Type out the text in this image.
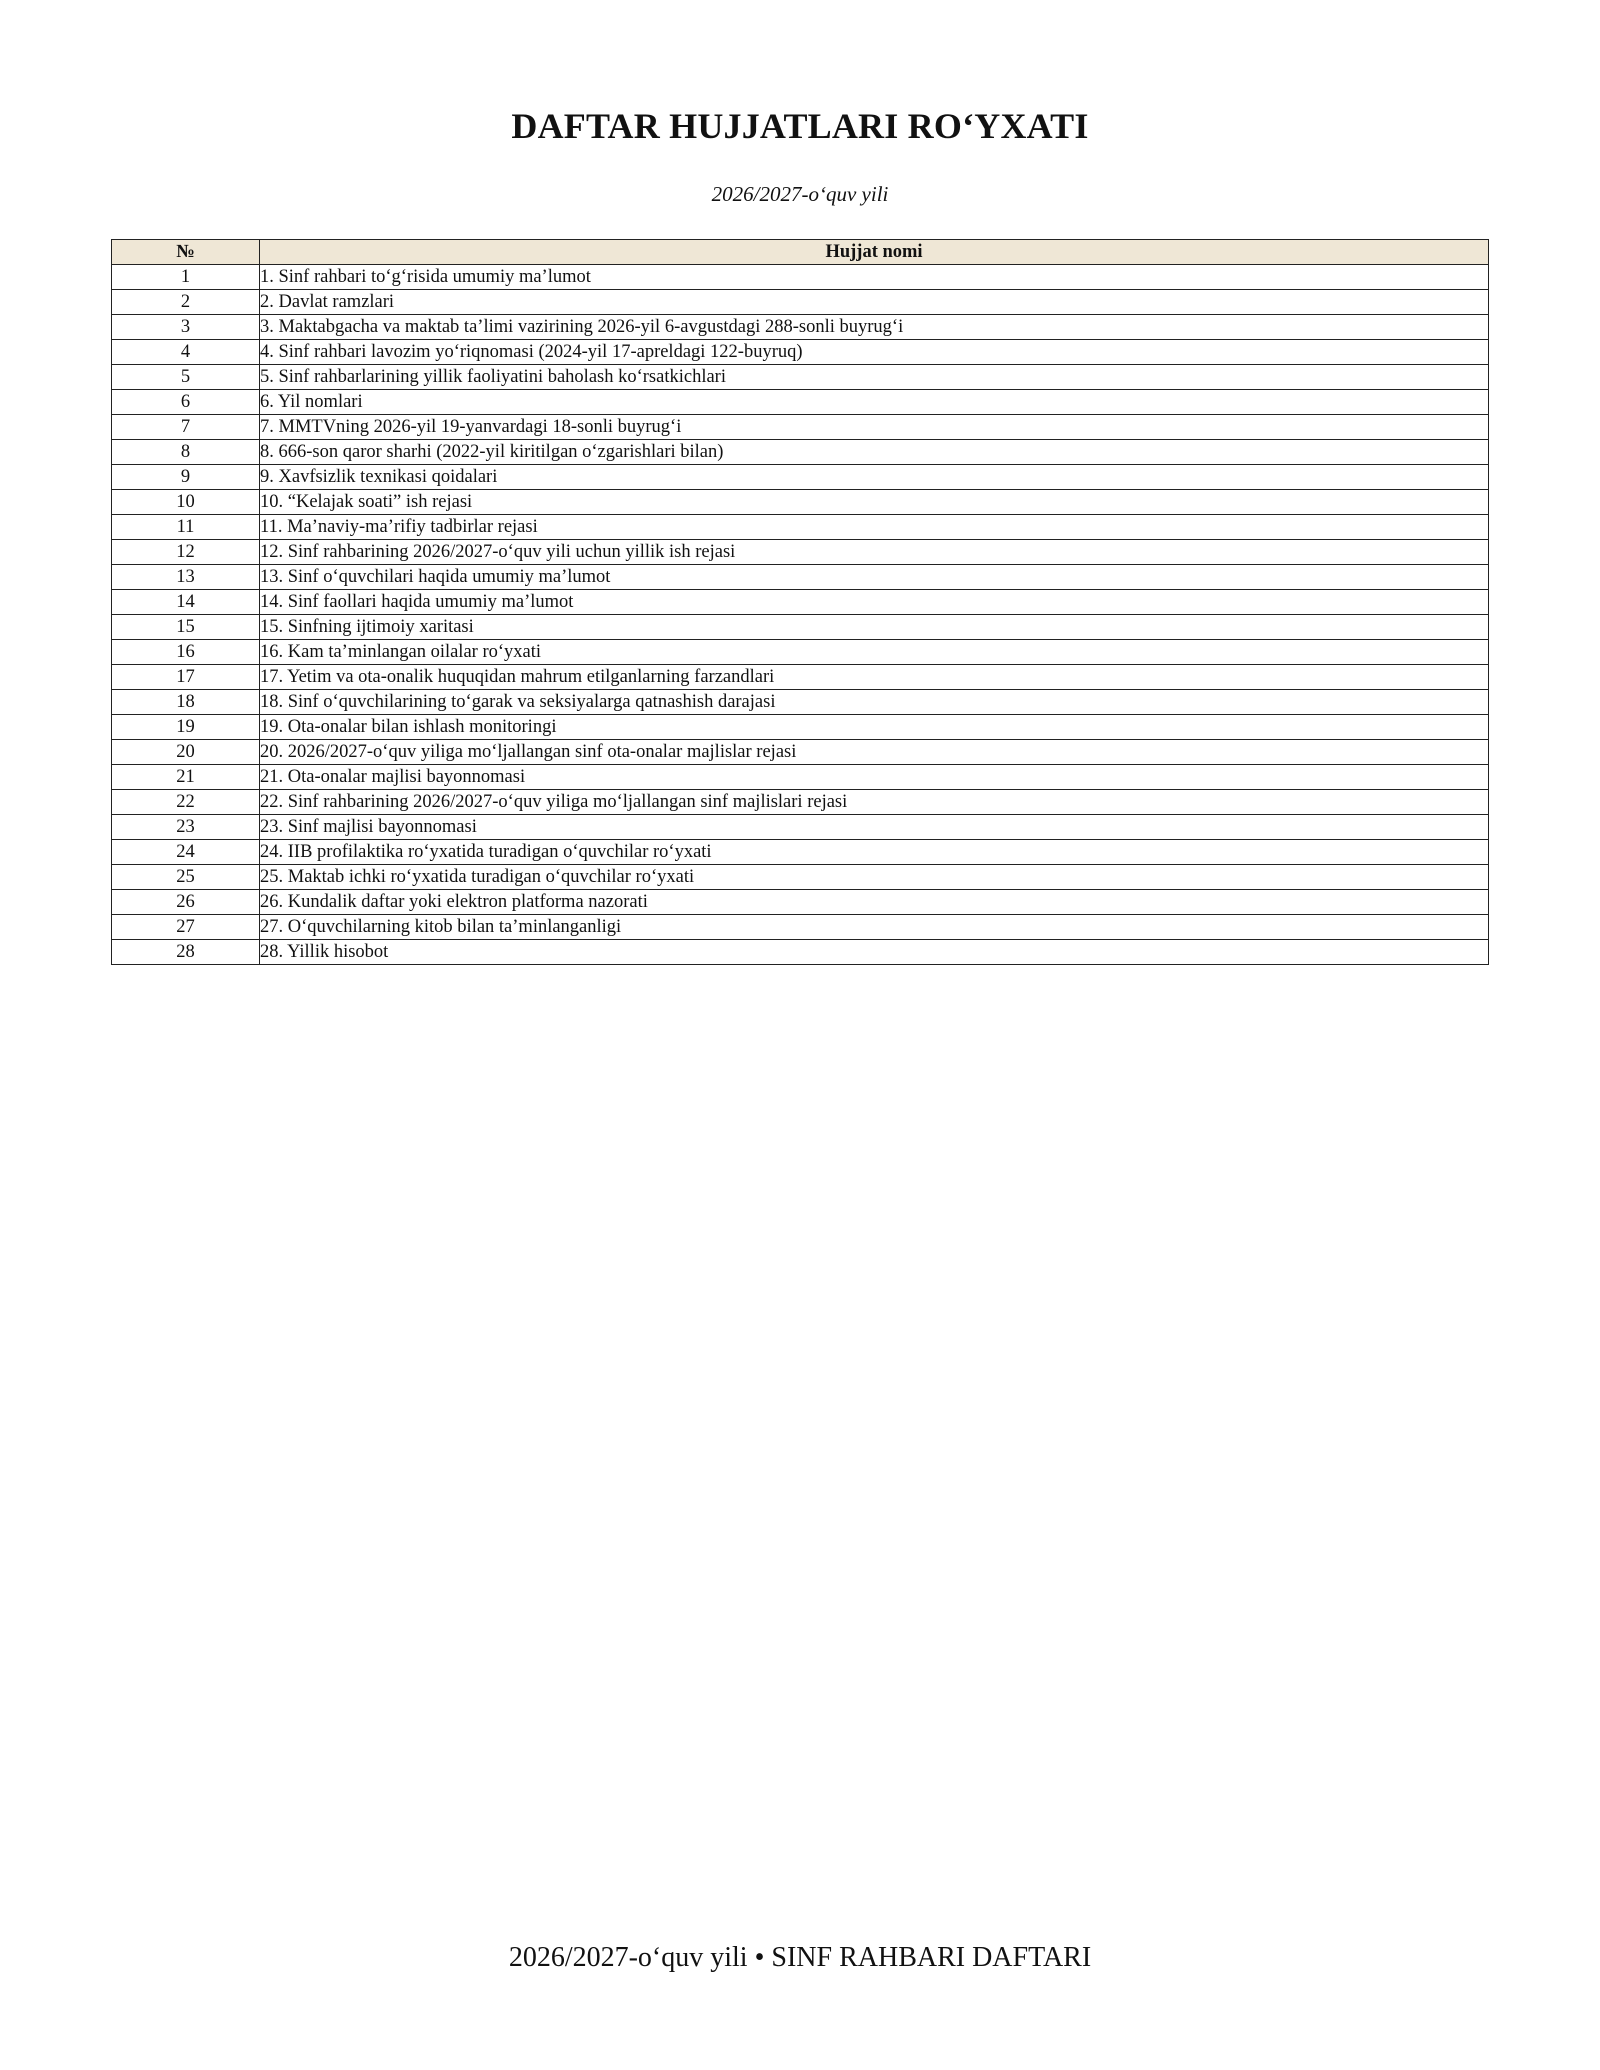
DAFTAR HUJJATLARI RO‘YXATI
2026/2027-o‘quv yili
№	Hujjat nomi
1	1. Sinf rahbari to‘g‘risida umumiy ma’lumot
2	2. Davlat ramzlari
3	3. Maktabgacha va maktab ta’limi vazirining 2026-yil 6-avgustdagi 288-sonli buyrug‘i
4	4. Sinf rahbari lavozim yo‘riqnomasi (2024-yil 17-apreldagi 122-buyruq)
5	5. Sinf rahbarlarining yillik faoliyatini baholash ko‘rsatkichlari
6	6. Yil nomlari
7	7. MMTVning 2026-yil 19-yanvardagi 18-sonli buyrug‘i
8	8. 666-son qaror sharhi (2022-yil kiritilgan o‘zgarishlari bilan)
9	9. Xavfsizlik texnikasi qoidalari
10	10. “Kelajak soati” ish rejasi
11	11. Ma’naviy-ma’rifiy tadbirlar rejasi
12	12. Sinf rahbarining 2026/2027-o‘quv yili uchun yillik ish rejasi
13	13. Sinf o‘quvchilari haqida umumiy ma’lumot
14	14. Sinf faollari haqida umumiy ma’lumot
15	15. Sinfning ijtimoiy xaritasi
16	16. Kam ta’minlangan oilalar ro‘yxati
17	17. Yetim va ota-onalik huquqidan mahrum etilganlarning farzandlari
18	18. Sinf o‘quvchilarining to‘garak va seksiyalarga qatnashish darajasi
19	19. Ota-onalar bilan ishlash monitoringi
20	20. 2026/2027-o‘quv yiliga mo‘ljallangan sinf ota-onalar majlislar rejasi
21	21. Ota-onalar majlisi bayonnomasi
22	22. Sinf rahbarining 2026/2027-o‘quv yiliga mo‘ljallangan sinf majlislari rejasi
23	23. Sinf majlisi bayonnomasi
24	24. IIB profilaktika ro‘yxatida turadigan o‘quvchilar ro‘yxati
25	25. Maktab ichki ro‘yxatida turadigan o‘quvchilar ro‘yxati
26	26. Kundalik daftar yoki elektron platforma nazorati
27	27. O‘quvchilarning kitob bilan ta’minlanganligi
28	28. Yillik hisobot
2026/2027-o‘quv yili • SINF RAHBARI DAFTARI
